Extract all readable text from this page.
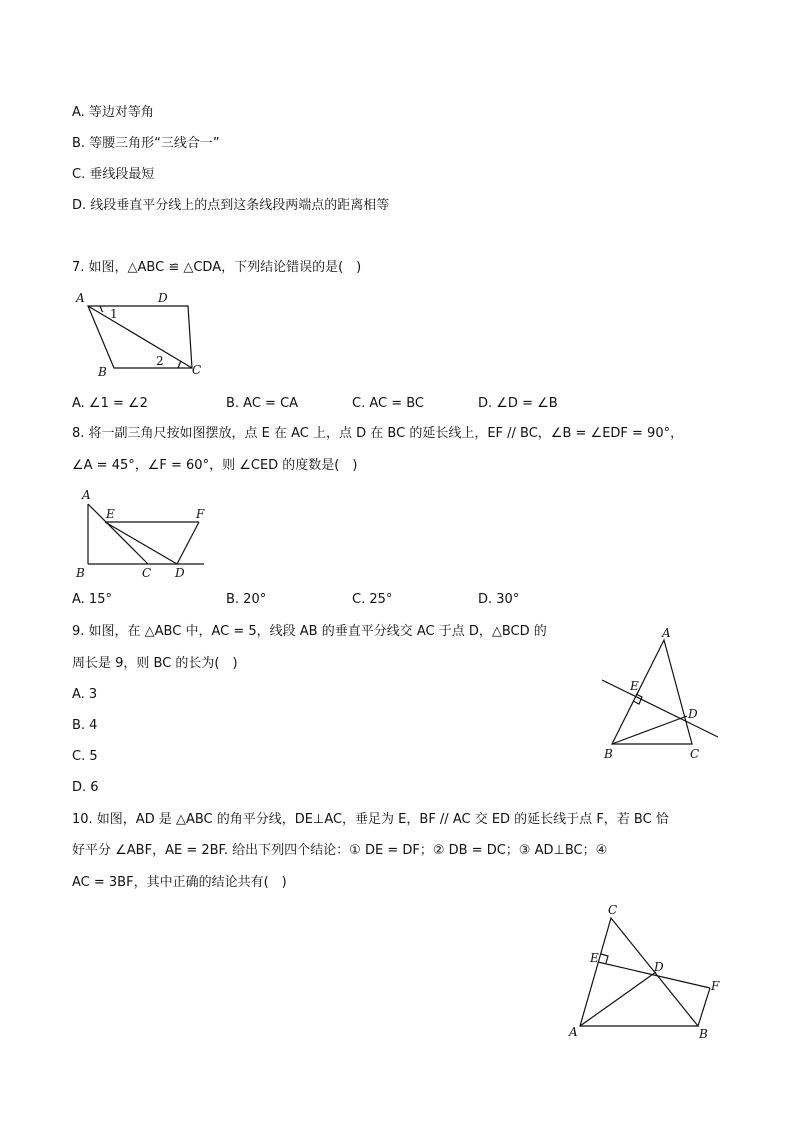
A. 等边对等角
B. 等腰三角形“三线合一”
C. 垂线段最短
D. 线段垂直平分线上的点到这条线段两端点的距离相等
7. 如图，△ABC ≌ △CDA，下列结论错误的是(　)
A	D
B	C
1
2
A. ∠1 = ∠2	B. AC = CA	C. AC = BC	D. ∠D = ∠B
8. 将一副三角尺按如图摆放，点 E 在 AC 上，点 D 在 BC 的延长线上，EF // BC，∠B = ∠EDF = 90°，
∠A = 45°，∠F = 60°，则 ∠CED 的度数是(　)
A
E	F
B	C D
A. 15°	B. 20°	C. 25°	D. 30°
9. 如图，在 △ABC 中，AC = 5，线段 AB 的垂直平分线交 AC 于点 D，△BCD 的
周长是 9，则 BC 的长为(　)
A. 3
B. 4
C. 5
D. 6
A
E
D
B	C
10. 如图，AD 是 △ABC 的角平分线，DE⊥AC，垂足为 E，BF // AC 交 ED 的延长线于点 F，若 BC 恰
好平分 ∠ABF，AE = 2BF. 给出下列四个结论：① DE = DF；② DB = DC；③ AD⊥BC；④
AC = 3BF，其中正确的结论共有(　)
C
E
D
F
A	B
